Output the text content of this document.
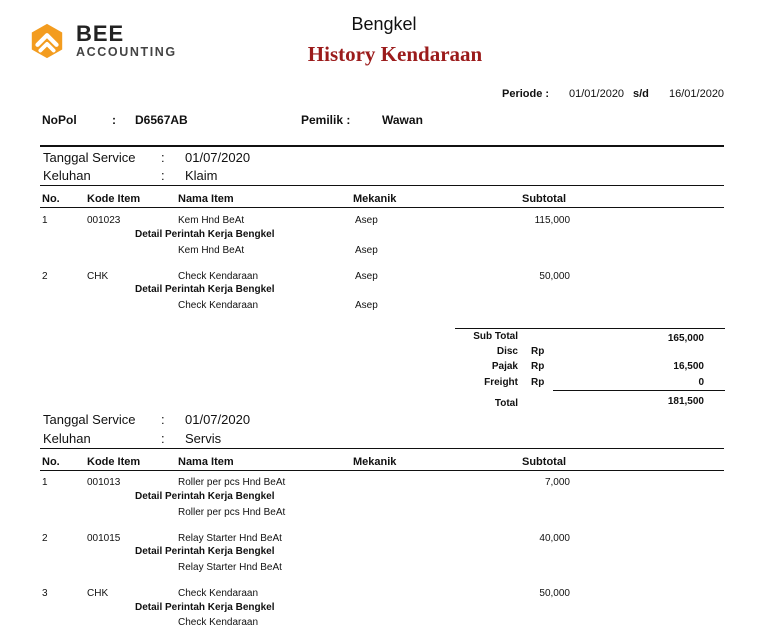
BEE
ACCOUNTING
Bengkel
History Kendaraan
Periode : 01/01/2020 s/d 16/01/2020
NoPol	: D6567AB	Pemilik :	Wawan
Tanggal Service : 01/07/2020
Keluhan	: Klaim
No. Kode Item	Nama Item	Mekanik	Subtotal
1	001023	Kem Hnd BeAt	Asep	115,000
Detail Perintah Kerja Bengkel
Kem Hnd BeAt	Asep
2	CHK	Check Kendaraan	Asep	50,000
Detail Perintah Kerja Bengkel
Check Kendaraan	Asep
Sub Total	165,000
Disc Rp
Pajak Rp	16,500
Freight Rp	0
Total	181,500
Tanggal Service : 01/07/2020
Keluhan	: Servis
No. Kode Item	Nama Item	Mekanik	Subtotal
1	001013	Roller per pcs Hnd BeAt	7,000
Detail Perintah Kerja Bengkel
Roller per pcs Hnd BeAt
2	001015	Relay Starter Hnd BeAt	40,000
Detail Perintah Kerja Bengkel
Relay Starter Hnd BeAt
3	CHK	Check Kendaraan	50,000
Detail Perintah Kerja Bengkel
Check Kendaraan
